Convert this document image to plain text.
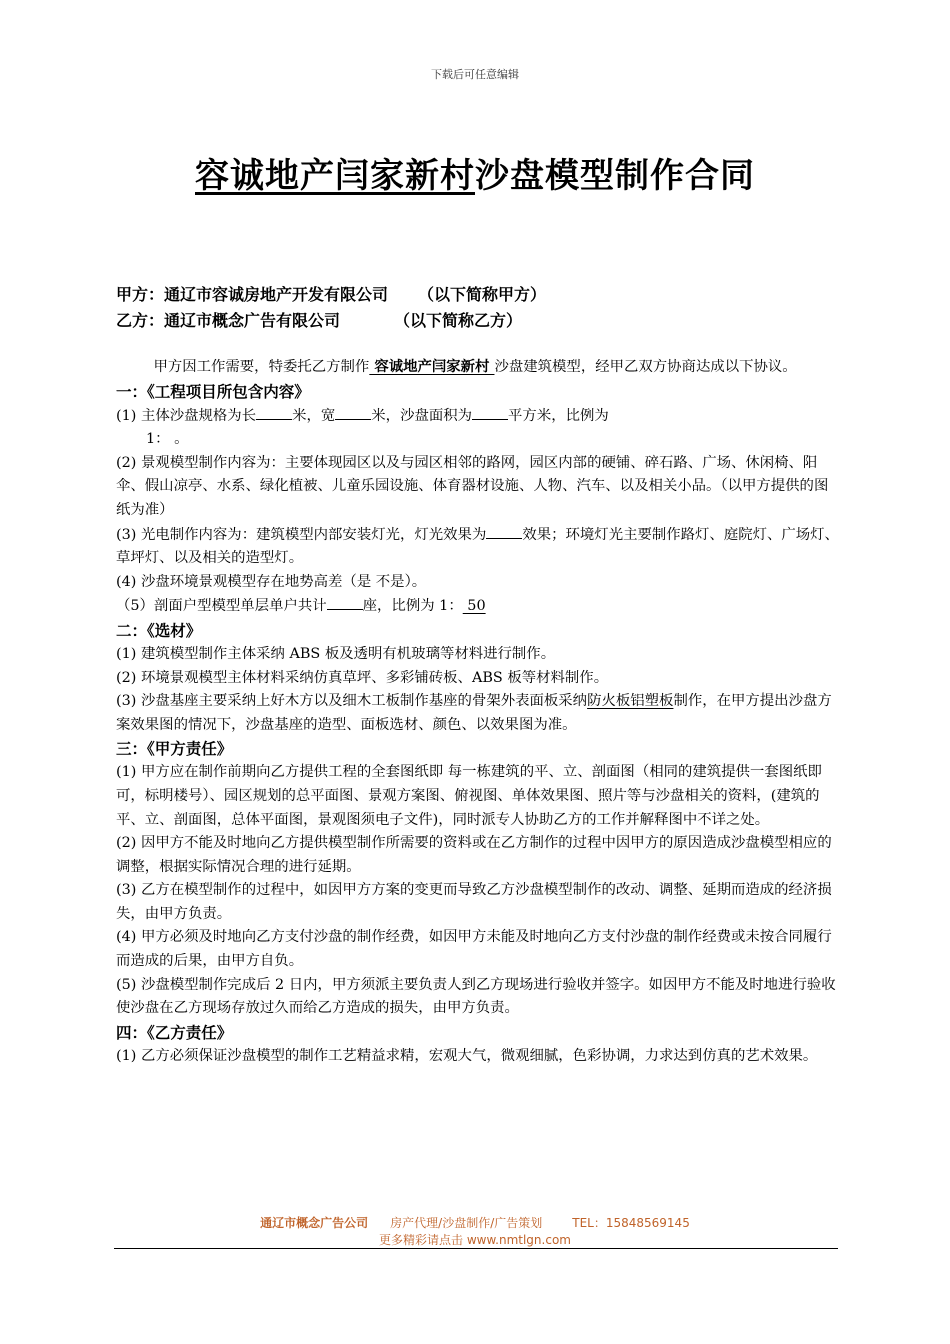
下载后可任意编辑
容诚地产闫家新村沙盘模型制作合同
甲方：通辽市容诚房地产开发有限公司 （以下简称甲方）
乙方：通辽市概念广告有限公司	（以下简称乙方）

甲方因工作需要，特委托乙方制作 容诚地产闫家新村 沙盘建筑模型，经甲乙双方协商达成以下协议。

一：《工程项目所包含内容》

(1) 主体沙盘规格为长	米，宽	米，沙盘面积为	平方米，比例为

1： 。

(2) 景观模型制作内容为：主要体现园区以及与园区相邻的路网，园区内部的硬铺、碎石路、广场、休闲椅、阳伞、假山凉亭、水系、绿化植被、儿童乐园设施、体育器材设施、人物、汽车、以及相关小品。（以甲方提供的图纸为准）

(3) 光电制作内容为：建筑模型内部安装灯光，灯光效果为	效果；环境灯光主要制作路灯、庭院灯、广场灯、草坪灯、以及相关的造型灯。

(4) 沙盘环境景观模型存在地势高差（是 不是）。

（5）剖面户型模型单层单户共计	座，比例为 1： 50

二：《选材》

(1) 建筑模型制作主体采纳 ABS 板及透明有机玻璃等材料进行制作。

(2) 环境景观模型主体材料采纳仿真草坪、多彩铺砖板、ABS 板等材料制作。

(3) 沙盘基座主要采纳上好木方以及细木工板制作基座的骨架外表面板采纳防火板铝塑板制作，在甲方提出沙盘方案效果图的情况下，沙盘基座的造型、面板选材、颜色、以效果图为准。

三：《甲方责任》

(1) 甲方应在制作前期向乙方提供工程的全套图纸即 每一栋建筑的平、立、剖面图（相同的建筑提供一套图纸即可，标明楼号）、园区规划的总平面图、景观方案图、俯视图、单体效果图、照片等与沙盘相关的资料，(建筑的平、立、剖面图，总体平面图，景观图须电子文件)，同时派专人协助乙方的工作并解释图中不详之处。

(2) 因甲方不能及时地向乙方提供模型制作所需要的资料或在乙方制作的过程中因甲方的原因造成沙盘模型相应的调整，根据实际情况合理的进行延期。

(3) 乙方在模型制作的过程中，如因甲方方案的变更而导致乙方沙盘模型制作的改动、调整、延期而造成的经济损失，由甲方负责。

(4) 甲方必须及时地向乙方支付沙盘的制作经费，如因甲方未能及时地向乙方支付沙盘的制作经费或未按合同履行而造成的后果，由甲方自负。

(5) 沙盘模型制作完成后 2 日内，甲方须派主要负责人到乙方现场进行验收并签字。如因甲方不能及时地进行验收使沙盘在乙方现场存放过久而给乙方造成的损失，由甲方负责。

四：《乙方责任》

(1) 乙方必须保证沙盘模型的制作工艺精益求精，宏观大气，微观细腻，色彩协调，力求达到仿真的艺术效果。

通辽市概念广告公司 房产代理/沙盘制作/广告策划	TEL：15848569145
更多精彩请点击 www.nmtlgn.com
